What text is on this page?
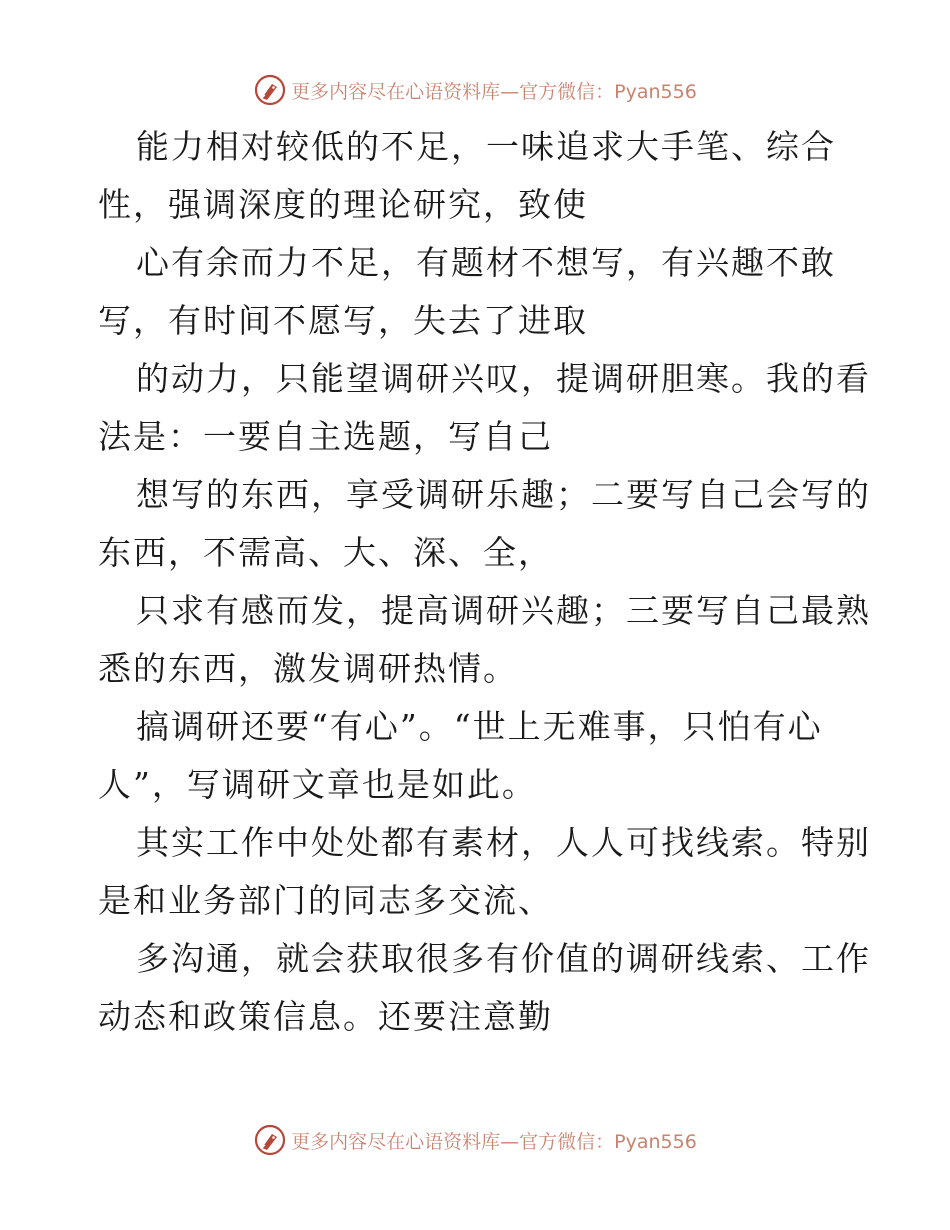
更多内容尽在心语资料库—官方微信：Pyan556
能力相对较低的不足，一味追求大手笔、综合
性，强调深度的理论研究，致使
心有余而力不足，有题材不想写，有兴趣不敢
写，有时间不愿写，失去了进取
的动力，只能望调研兴叹，提调研胆寒。我的看
法是：一要自主选题，写自己
想写的东西，享受调研乐趣；二要写自己会写的
东西，不需高、大、深、全，
只求有感而发，提高调研兴趣；三要写自己最熟
悉的东西，激发调研热情。
搞调研还要“有心”。“世上无难事，只怕有心
人”，写调研文章也是如此。
其实工作中处处都有素材，人人可找线索。特别
是和业务部门的同志多交流、
多沟通，就会获取很多有价值的调研线索、工作
动态和政策信息。还要注意勤
更多内容尽在心语资料库—官方微信：Pyan556
